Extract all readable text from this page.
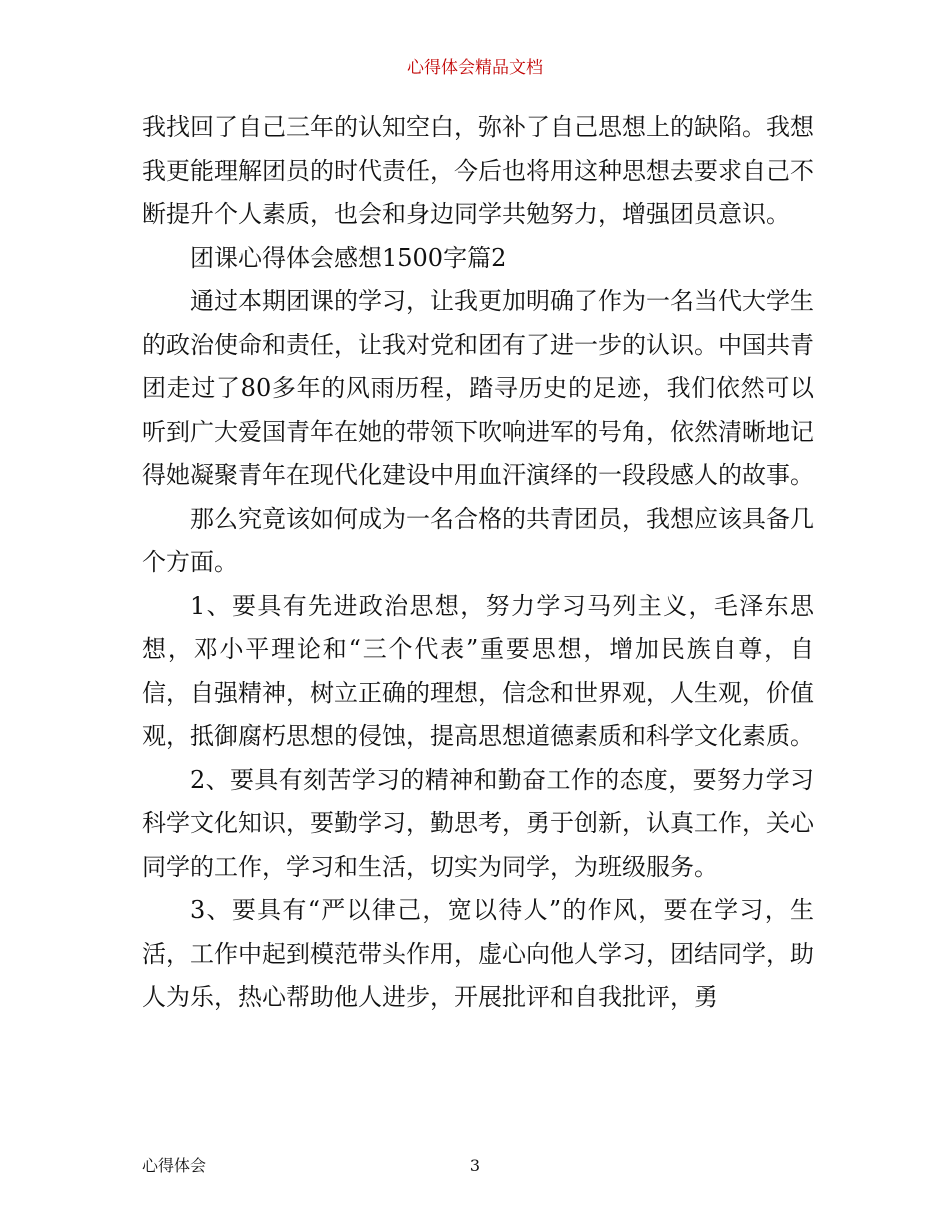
心得体会精品文档

我找回了自己三年的认知空白，弥补了自己思想上的缺陷。我想我更能理解团员的时代责任，今后也将用这种思想去要求自己不断提升个人素质，也会和身边同学共勉努力，增强团员意识。

团课心得体会感想1500字篇2

通过本期团课的学习，让我更加明确了作为一名当代大学生的政治使命和责任，让我对党和团有了进一步的认识。中国共青团走过了80多年的风雨历程，踏寻历史的足迹，我们依然可以听到广大爱国青年在她的带领下吹响进军的号角，依然清晰地记得她凝聚青年在现代化建设中用血汗演绎的一段段感人的故事。

那么究竟该如何成为一名合格的共青团员，我想应该具备几个方面。

1、要具有先进政治思想，努力学习马列主义，毛泽东思想，邓小平理论和“三个代表”重要思想，增加民族自尊，自信，自强精神，树立正确的理想，信念和世界观，人生观，价值观，抵御腐朽思想的侵蚀，提高思想道德素质和科学文化素质。

2、要具有刻苦学习的精神和勤奋工作的态度，要努力学习科学文化知识，要勤学习，勤思考，勇于创新，认真工作，关心同学的工作，学习和生活，切实为同学，为班级服务。

3、要具有“严以律己，宽以待人”的作风，要在学习，生活，工作中起到模范带头作用，虚心向他人学习，团结同学，助人为乐，热心帮助他人进步，开展批评和自我批评，勇

心得体会	3
